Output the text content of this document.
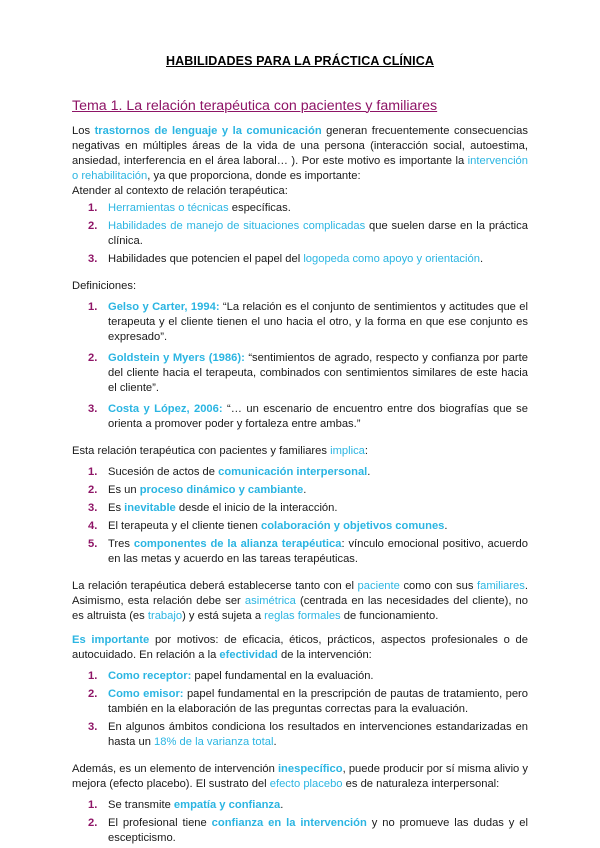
HABILIDADES PARA LA PRÁCTICA CLÍNICA
Tema 1. La relación terapéutica con pacientes y familiares

Los trastornos de lenguaje y la comunicación generan frecuentemente consecuencias negativas en múltiples áreas de la vida de una persona (interacción social, autoestima, ansiedad, interferencia en el área laboral… ). Por este motivo es importante la intervención o rehabilitación, ya que proporciona, donde es importante:

Atender al contexto de relación terapéutica:

1. Herramientas o técnicas específicas.
2. Habilidades de manejo de situaciones complicadas que suelen darse en la práctica clínica.
3. Habilidades que potencien el papel del logopeda como apoyo y orientación.

Definiciones:

1. Gelso y Carter, 1994: “La relación es el conjunto de sentimientos y actitudes que el terapeuta y el cliente tienen el uno hacia el otro, y la forma en que ese conjunto es expresado”.
2. Goldstein y Myers (1986): “sentimientos de agrado, respecto y confianza por parte del cliente hacia el terapeuta, combinados con sentimientos similares de este hacia el cliente”.
3. Costa y López, 2006: “… un escenario de encuentro entre dos biografías que se orienta a promover poder y fortaleza entre ambas.”

Esta relación terapéutica con pacientes y familiares implica:

1. Sucesión de actos de comunicación interpersonal.
2. Es un proceso dinámico y cambiante.
3. Es inevitable desde el inicio de la interacción.
4. El terapeuta y el cliente tienen colaboración y objetivos comunes.
5. Tres componentes de la alianza terapéutica: vínculo emocional positivo, acuerdo en las metas y acuerdo en las tareas terapéuticas.

La relación terapéutica deberá establecerse tanto con el paciente como con sus familiares. Asimismo, esta relación debe ser asimétrica (centrada en las necesidades del cliente), no es altruista (es trabajo) y está sujeta a reglas formales de funcionamiento.

Es importante por motivos: de eficacia, éticos, prácticos, aspectos profesionales o de autocuidado. En relación a la efectividad de la intervención:

1. Como receptor: papel fundamental en la evaluación.
2. Como emisor: papel fundamental en la prescripción de pautas de tratamiento, pero también en la elaboración de las preguntas correctas para la evaluación.
3. En algunos ámbitos condiciona los resultados en intervenciones estandarizadas en hasta un 18% de la varianza total.

Además, es un elemento de intervención inespecífico, puede producir por sí misma alivio y mejora (efecto placebo). El sustrato del efecto placebo es de naturaleza interpersonal:

1. Se transmite empatía y confianza.
2. El profesional tiene confianza en la intervención y no promueve las dudas y el escepticismo.
